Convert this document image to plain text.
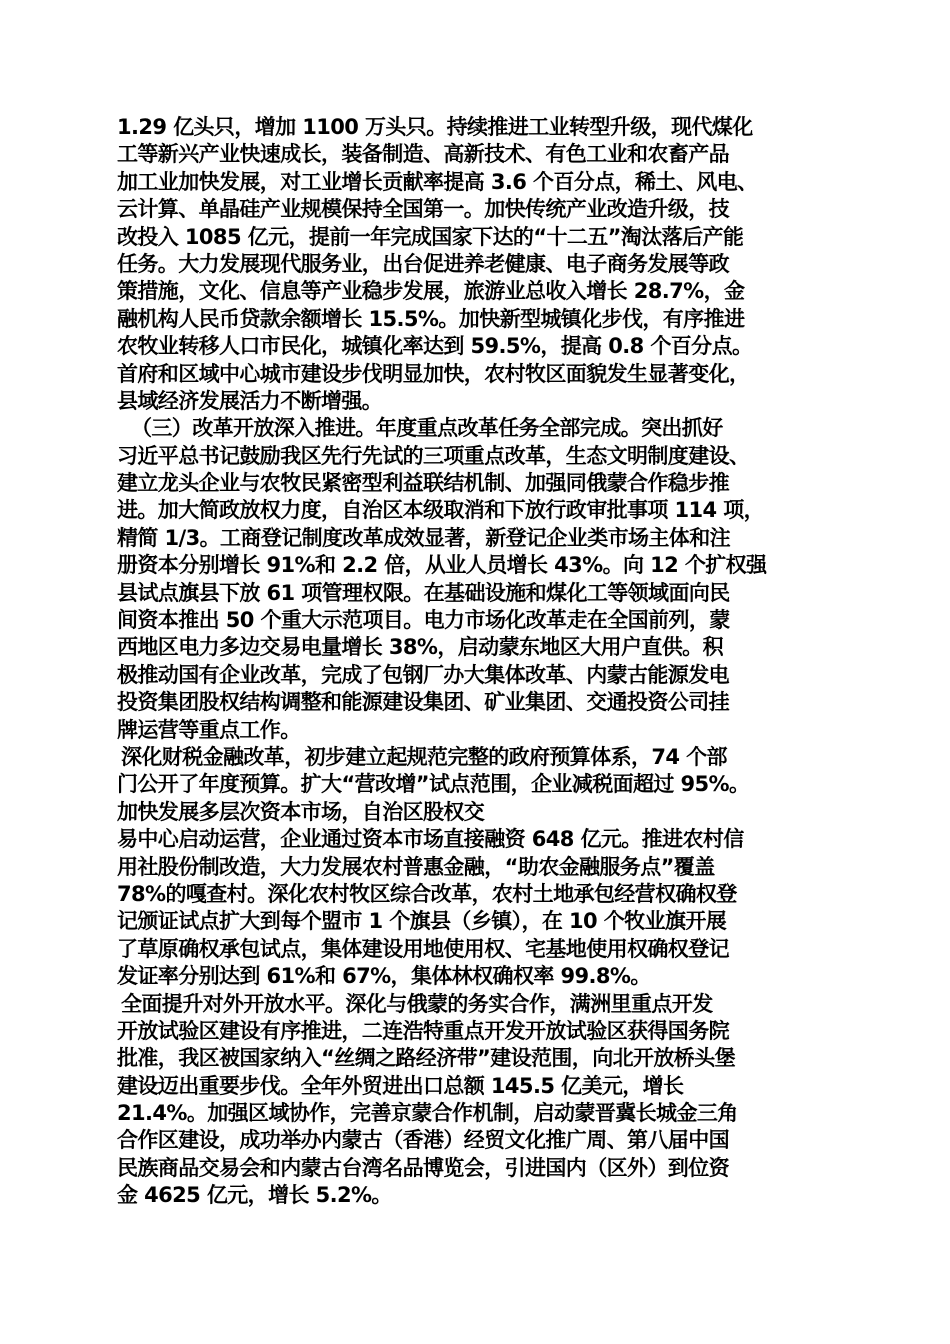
1.29 亿头只，增加 1100 万头只。持续推进工业转型升级，现代煤化
工等新兴产业快速成长，装备制造、高新技术、有色工业和农畜产品
加工业加快发展，对工业增长贡献率提高 3.6 个百分点，稀土、风电、
云计算、单晶硅产业规模保持全国第一。加快传统产业改造升级，技
改投入 1085 亿元，提前一年完成国家下达的“十二五”淘汰落后产能
任务。大力发展现代服务业，出台促进养老健康、电子商务发展等政
策措施，文化、信息等产业稳步发展，旅游业总收入增长 28.7%，金
融机构人民币贷款余额增长 15.5%。加快新型城镇化步伐，有序推进
农牧业转移人口市民化，城镇化率达到 59.5%，提高 0.8 个百分点。
首府和区域中心城市建设步伐明显加快，农村牧区面貌发生显著变化，
县域经济发展活力不断增强。
（三）改革开放深入推进。年度重点改革任务全部完成。突出抓好
习近平总书记鼓励我区先行先试的三项重点改革，生态文明制度建设、
建立龙头企业与农牧民紧密型利益联结机制、加强同俄蒙合作稳步推
进。加大简政放权力度，自治区本级取消和下放行政审批事项 114 项，
精简 1/3。工商登记制度改革成效显著，新登记企业类市场主体和注
册资本分别增长 91%和 2.2 倍，从业人员增长 43%。向 12 个扩权强
县试点旗县下放 61 项管理权限。在基础设施和煤化工等领域面向民
间资本推出 50 个重大示范项目。电力市场化改革走在全国前列，蒙
西地区电力多边交易电量增长 38%，启动蒙东地区大用户直供。积
极推动国有企业改革，完成了包钢厂办大集体改革、内蒙古能源发电
投资集团股权结构调整和能源建设集团、矿业集团、交通投资公司挂
牌运营等重点工作。
深化财税金融改革，初步建立起规范完整的政府预算体系，74 个部
门公开了年度预算。扩大“营改增”试点范围，企业减税面超过 95%。
加快发展多层次资本市场，自治区股权交
易中心启动运营，企业通过资本市场直接融资 648 亿元。推进农村信
用社股份制改造，大力发展农村普惠金融，“助农金融服务点”覆盖
78%的嘎查村。深化农村牧区综合改革，农村土地承包经营权确权登
记颁证试点扩大到每个盟市 1 个旗县（乡镇），在 10 个牧业旗开展
了草原确权承包试点，集体建设用地使用权、宅基地使用权确权登记
发证率分别达到 61%和 67%，集体林权确权率 99.8%。
全面提升对外开放水平。深化与俄蒙的务实合作，满洲里重点开发
开放试验区建设有序推进，二连浩特重点开发开放试验区获得国务院
批准，我区被国家纳入“丝绸之路经济带”建设范围，向北开放桥头堡
建设迈出重要步伐。全年外贸进出口总额 145.5 亿美元，增长
21.4%。加强区域协作，完善京蒙合作机制，启动蒙晋冀长城金三角
合作区建设，成功举办内蒙古（香港）经贸文化推广周、第八届中国
民族商品交易会和内蒙古台湾名品博览会，引进国内（区外）到位资
金 4625 亿元，增长 5.2%。
